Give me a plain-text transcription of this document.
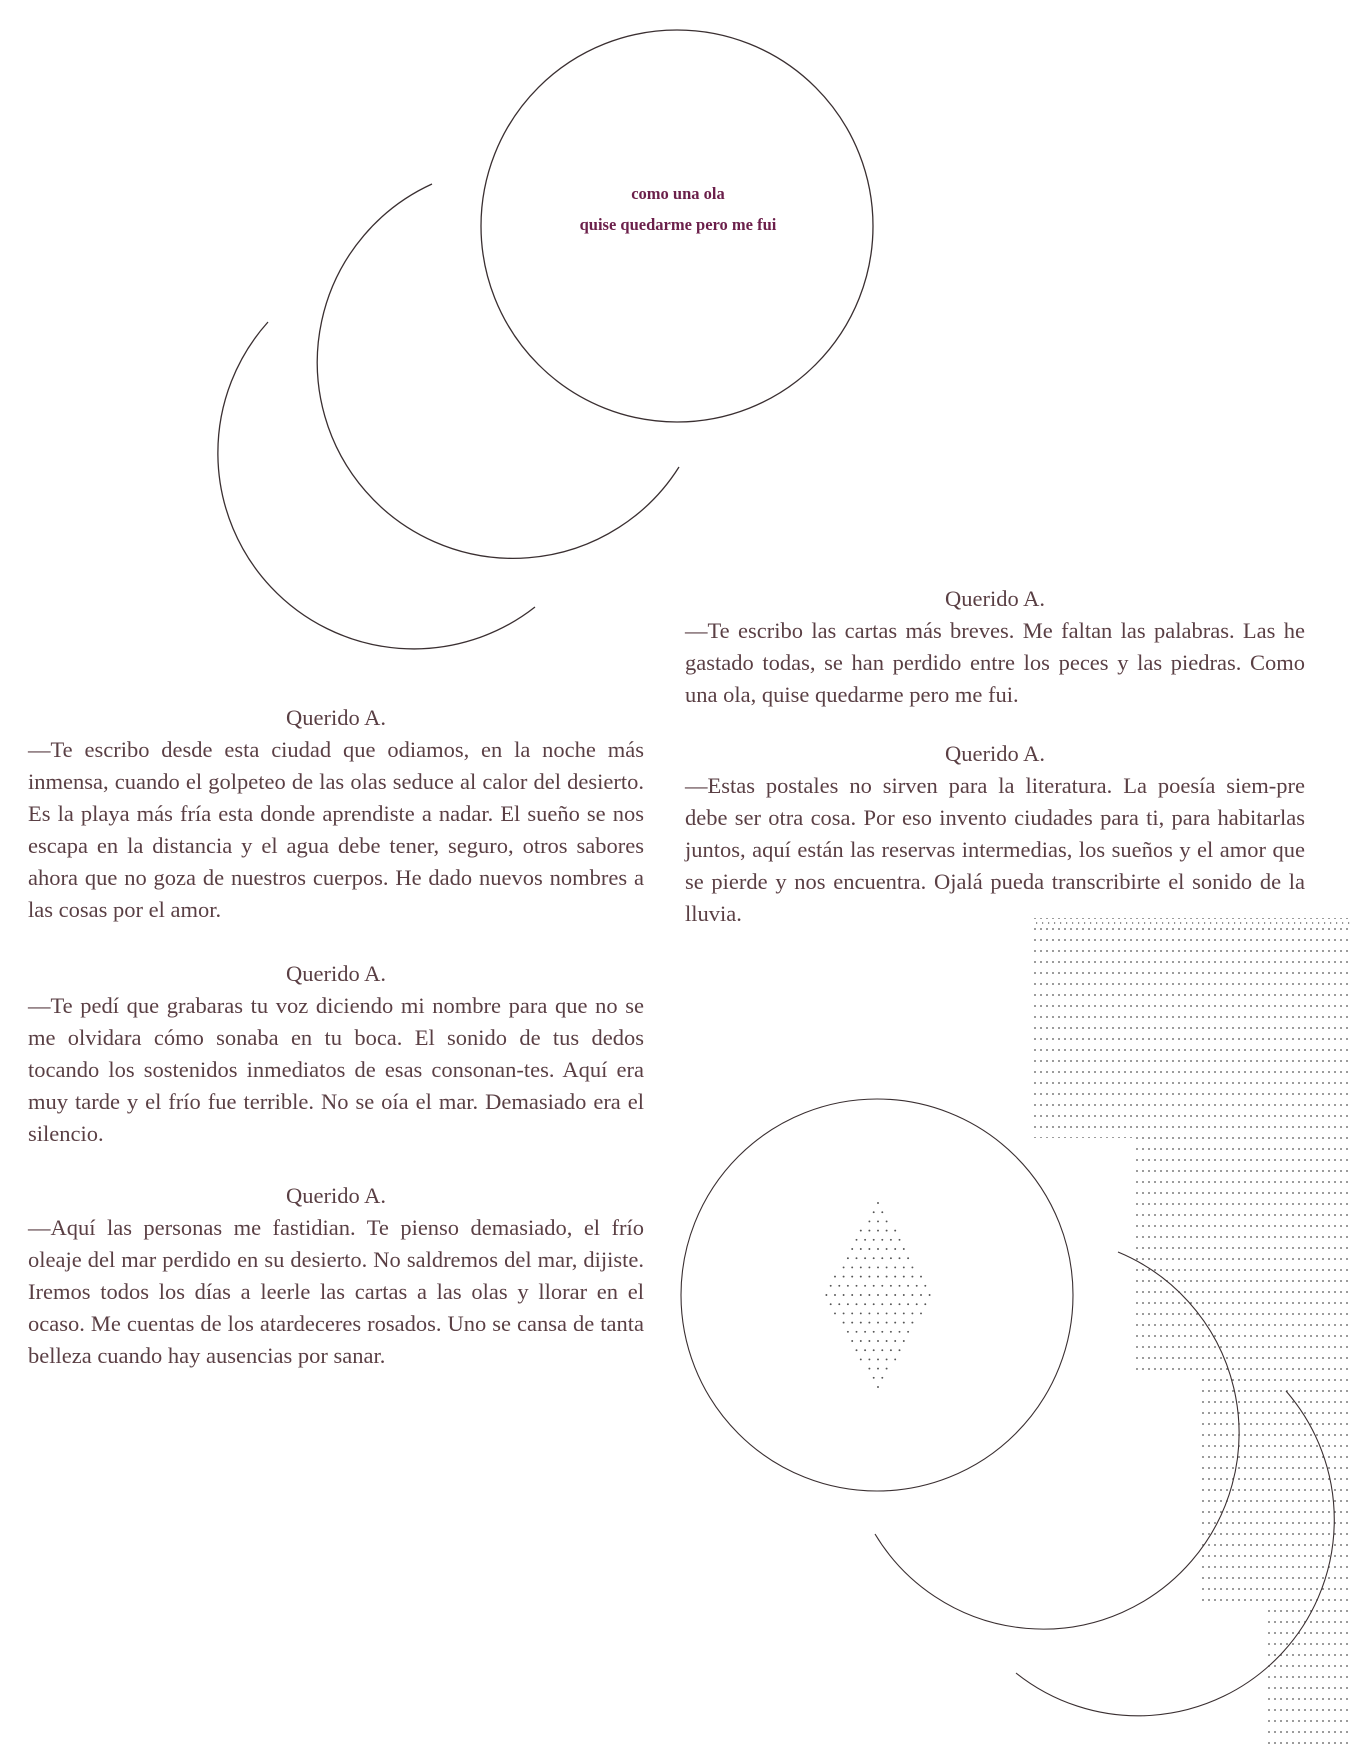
como una ola
quise quedarme pero me fui
Querido A.

—Te escribo desde esta ciudad que odiamos, en la noche más inmensa, cuando el golpeteo de las olas seduce al calor del desierto. Es la playa más fría esta donde aprendiste a nadar. El sueño se nos escapa en la distancia y el agua debe tener, seguro, otros sabores ahora que no goza de nuestros cuerpos. He dado nuevos nombres a las cosas por el amor.

Querido A.

—Te pedí que grabaras tu voz diciendo mi nombre para que no se me olvidara cómo sonaba en tu boca. El sonido de tus dedos tocando los sostenidos inmediatos de esas consonan-tes. Aquí era muy tarde y el frío fue terrible. No se oía el mar. Demasiado era el silencio.

Querido A.

—Aquí las personas me fastidian. Te pienso demasiado, el frío oleaje del mar perdido en su desierto. No saldremos del mar, dijiste. Iremos todos los días a leerle las cartas a las olas y llorar en el ocaso. Me cuentas de los atardeceres rosados. Uno se cansa de tanta belleza cuando hay ausencias por sanar.

Querido A.

—Te escribo las cartas más breves. Me faltan las palabras. Las he gastado todas, se han perdido entre los peces y las piedras. Como una ola, quise quedarme pero me fui.

Querido A.

—Estas postales no sirven para la literatura. La poesía siem-pre debe ser otra cosa. Por eso invento ciudades para ti, para habitarlas juntos, aquí están las reservas intermedias, los sueños y el amor que se pierde y nos encuentra. Ojalá pueda transcribirte el sonido de la lluvia.
